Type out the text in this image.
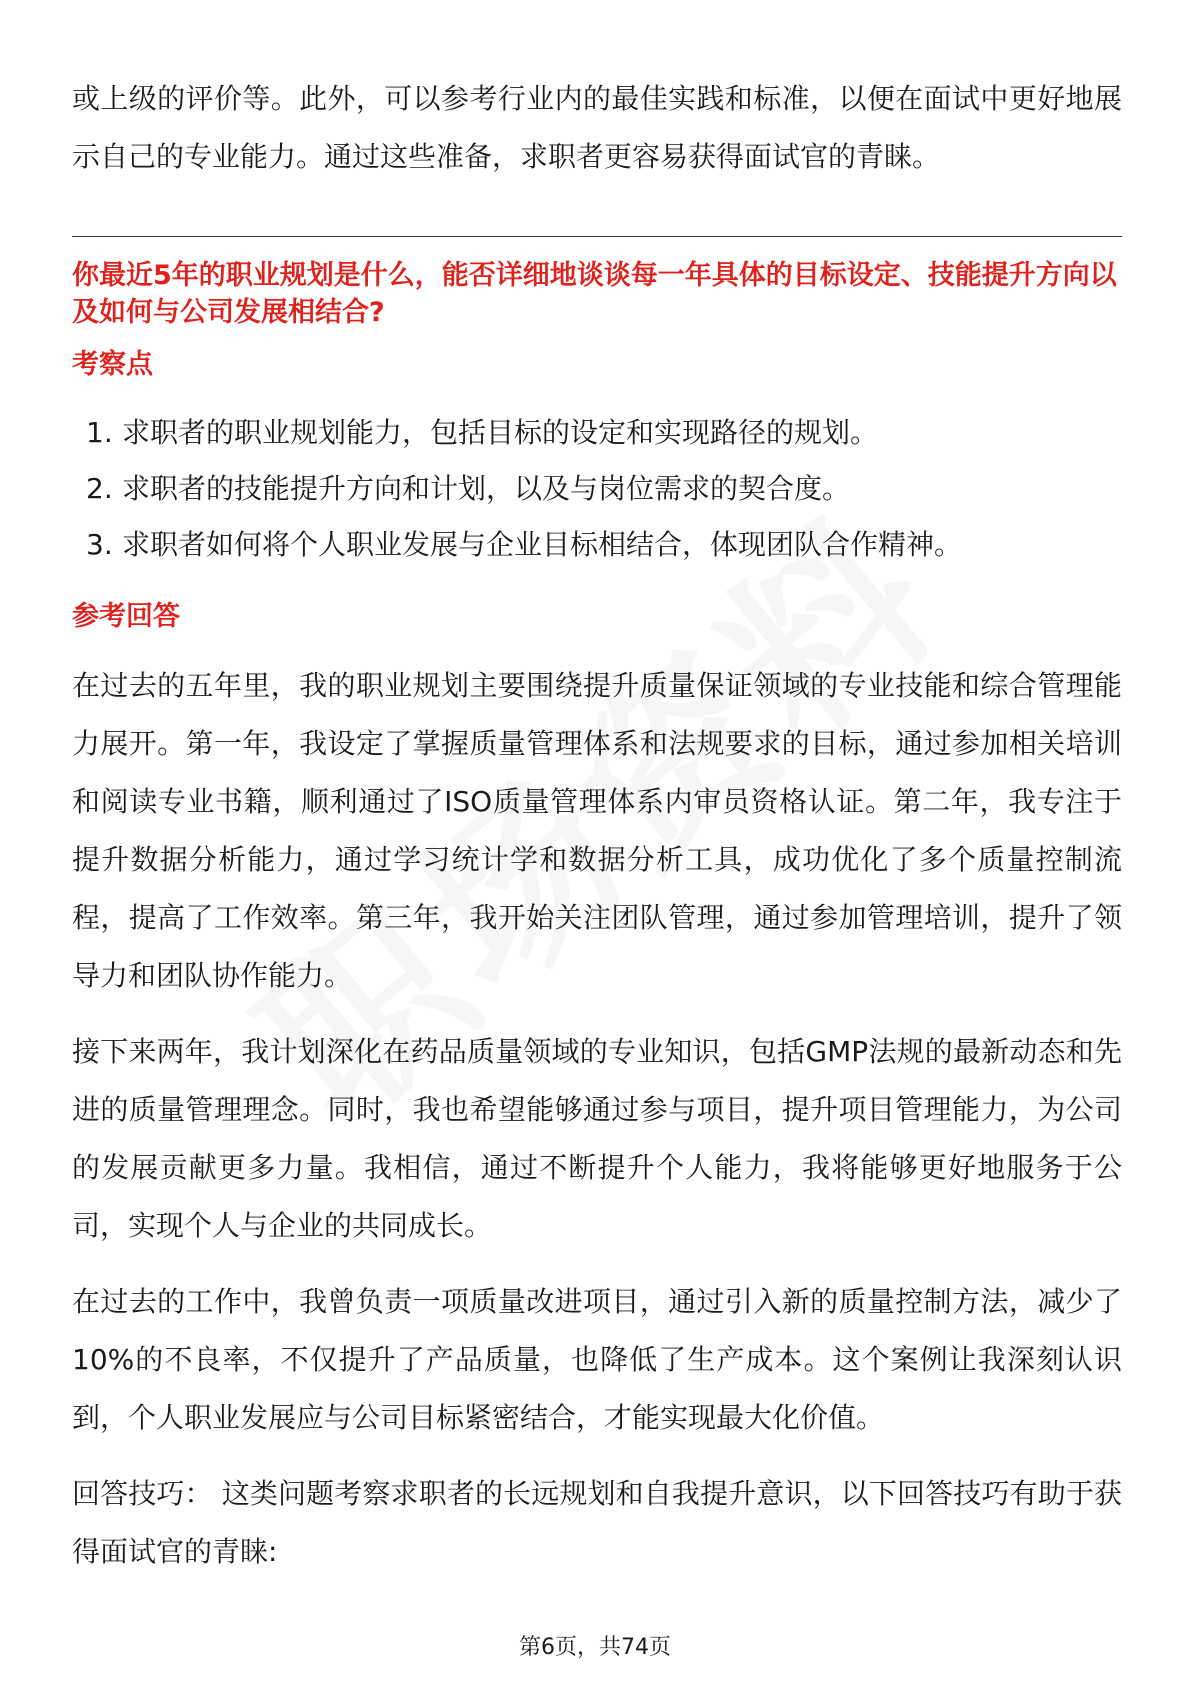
或上级的评价等。此外，可以参考行业内的最佳实践和标准，以便在面试中更好地展示自己的专业能力。通过这些准备，求职者更容易获得面试官的青睐。

你最近5年的职业规划是什么，能否详细地谈谈每一年具体的目标设定、技能提升方向以及如何与公司发展相结合?

考察点

1. 求职者的职业规划能力，包括目标的设定和实现路径的规划。
2. 求职者的技能提升方向和计划，以及与岗位需求的契合度。
3. 求职者如何将个人职业发展与企业目标相结合，体现团队合作精神。

参考回答

在过去的五年里，我的职业规划主要围绕提升质量保证领域的专业技能和综合管理能力展开。第一年，我设定了掌握质量管理体系和法规要求的目标，通过参加相关培训和阅读专业书籍，顺利通过了ISO质量管理体系内审员资格认证。第二年，我专注于提升数据分析能力，通过学习统计学和数据分析工具，成功优化了多个质量控制流程，提高了工作效率。第三年，我开始关注团队管理，通过参加管理培训，提升了领导力和团队协作能力。

接下来两年，我计划深化在药品质量领域的专业知识，包括GMP法规的最新动态和先进的质量管理理念。同时，我也希望能够通过参与项目，提升项目管理能力，为公司的发展贡献更多力量。我相信，通过不断提升个人能力，我将能够更好地服务于公司，实现个人与企业的共同成长。

在过去的工作中，我曾负责一项质量改进项目，通过引入新的质量控制方法，减少了10%的不良率，不仅提升了产品质量，也降低了生产成本。这个案例让我深刻认识到，个人职业发展应与公司目标紧密结合，才能实现最大化价值。

回答技巧： 这类问题考察求职者的长远规划和自我提升意识，以下回答技巧有助于获得面试官的青睐:

第6页，共74页
